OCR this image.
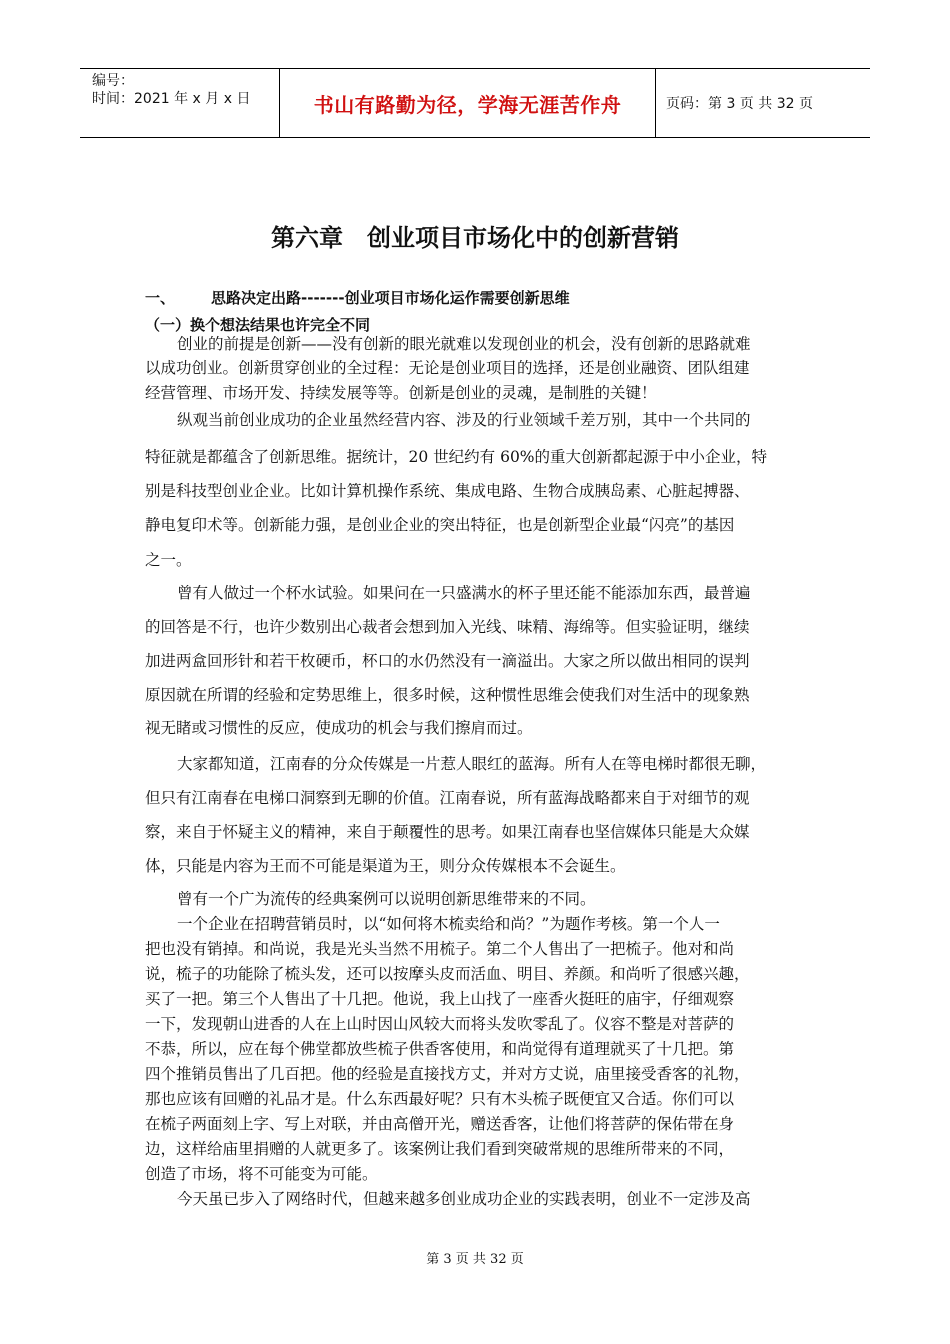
编号：
时间：2021 年 x 月 x 日	书山有路勤为径，学海无涯苦作舟	页码：第 3 页 共 32 页
第六章　创业项目市场化中的创新营销
一、 思路决定出路-------创业项目市场化运作需要创新思维
（一）换个想法结果也许完全不同
创业的前提是创新——没有创新的眼光就难以发现创业的机会，没有创新的思路就难
以成功创业。创新贯穿创业的全过程：无论是创业项目的选择，还是创业融资、团队组建
经营管理、市场开发、持续发展等等。创新是创业的灵魂，是制胜的关键！
纵观当前创业成功的企业虽然经营内容、涉及的行业领域千差万别，其中一个共同的
特征就是都蕴含了创新思维。据统计，20 世纪约有 60%的重大创新都起源于中小企业，特
别是科技型创业企业。比如计算机操作系统、集成电路、生物合成胰岛素、心脏起搏器、
静电复印术等。创新能力强，是创业企业的突出特征，也是创新型企业最“闪亮”的基因
之一。
曾有人做过一个杯水试验。如果问在一只盛满水的杯子里还能不能添加东西，最普遍
的回答是不行，也许少数别出心裁者会想到加入光线、味精、海绵等。但实验证明，继续
加进两盒回形针和若干枚硬币，杯口的水仍然没有一滴溢出。大家之所以做出相同的误判
原因就在所谓的经验和定势思维上，很多时候，这种惯性思维会使我们对生活中的现象熟
视无睹或习惯性的反应，使成功的机会与我们擦肩而过。
大家都知道，江南春的分众传媒是一片惹人眼红的蓝海。所有人在等电梯时都很无聊，
但只有江南春在电梯口洞察到无聊的价值。江南春说，所有蓝海战略都来自于对细节的观
察，来自于怀疑主义的精神，来自于颠覆性的思考。如果江南春也坚信媒体只能是大众媒
体，只能是内容为王而不可能是渠道为王，则分众传媒根本不会诞生。
曾有一个广为流传的经典案例可以说明创新思维带来的不同。
一个企业在招聘营销员时，以“如何将木梳卖给和尚？”为题作考核。第一个人一
把也没有销掉。和尚说，我是光头当然不用梳子。第二个人售出了一把梳子。他对和尚
说，梳子的功能除了梳头发，还可以按摩头皮而活血、明目、养颜。和尚听了很感兴趣，
买了一把。第三个人售出了十几把。他说，我上山找了一座香火挺旺的庙宇，仔细观察
一下，发现朝山进香的人在上山时因山风较大而将头发吹零乱了。仪容不整是对菩萨的
不恭，所以，应在每个佛堂都放些梳子供香客使用，和尚觉得有道理就买了十几把。第
四个推销员售出了几百把。他的经验是直接找方丈，并对方丈说，庙里接受香客的礼物，
那也应该有回赠的礼品才是。什么东西最好呢？只有木头梳子既便宜又合适。你们可以
在梳子两面刻上字、写上对联，并由高僧开光，赠送香客，让他们将菩萨的保佑带在身
边，这样给庙里捐赠的人就更多了。该案例让我们看到突破常规的思维所带来的不同，
创造了市场，将不可能变为可能。
今天虽已步入了网络时代，但越来越多创业成功企业的实践表明，创业不一定涉及高
第 3 页 共 32 页
